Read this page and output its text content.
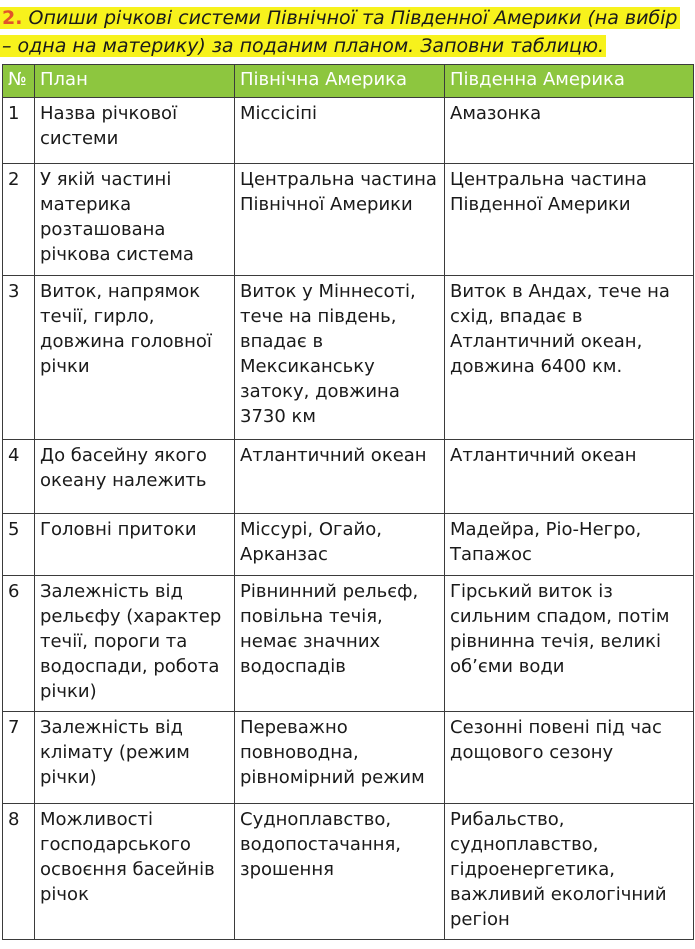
2. Опиши річкові системи Північної та Південної Америки (на вибір – одна на материку) за поданим планом. Заповни таблицю.
№	План	Північна Америка	Південна Америка
1	Назва річкової системи	Міссісіпі	Амазонка
2	У якій частині материка розташована річкова система	Центральна частина Північної Америки	Центральна частина Південної Америки
3	Виток, напрямок течії, гирло, довжина головної річки	Виток у Міннесоті, тече на південь, впадає в Мексиканську затоку, довжина 3730 км	Виток в Андах, тече на схід, впадає в Атлантичний океан, довжина 6400 км.
4	До басейну якого океану належить	Атлантичний океан	Атлантичний океан
5	Головні притоки	Міссурі, Огайо, Арканзас	Мадейра, Ріо-Негро, Тапажос
6	Залежність від рельєфу (характер течії, пороги та водоспади, робота річки)	Рівнинний рельєф, повільна течія, немає значних водоспадів	Гірський виток із сильним спадом, потім рівнинна течія, великі об’єми води
7	Залежність від клімату (режим річки)	Переважно повноводна, рівномірний режим	Сезонні повені під час дощового сезону
8	Можливості господарського освоєння басейнів річок	Судноплавство, водопостачання, зрошення	Рибальство, судноплавство, гідроенергетика, важливий екологічний регіон
